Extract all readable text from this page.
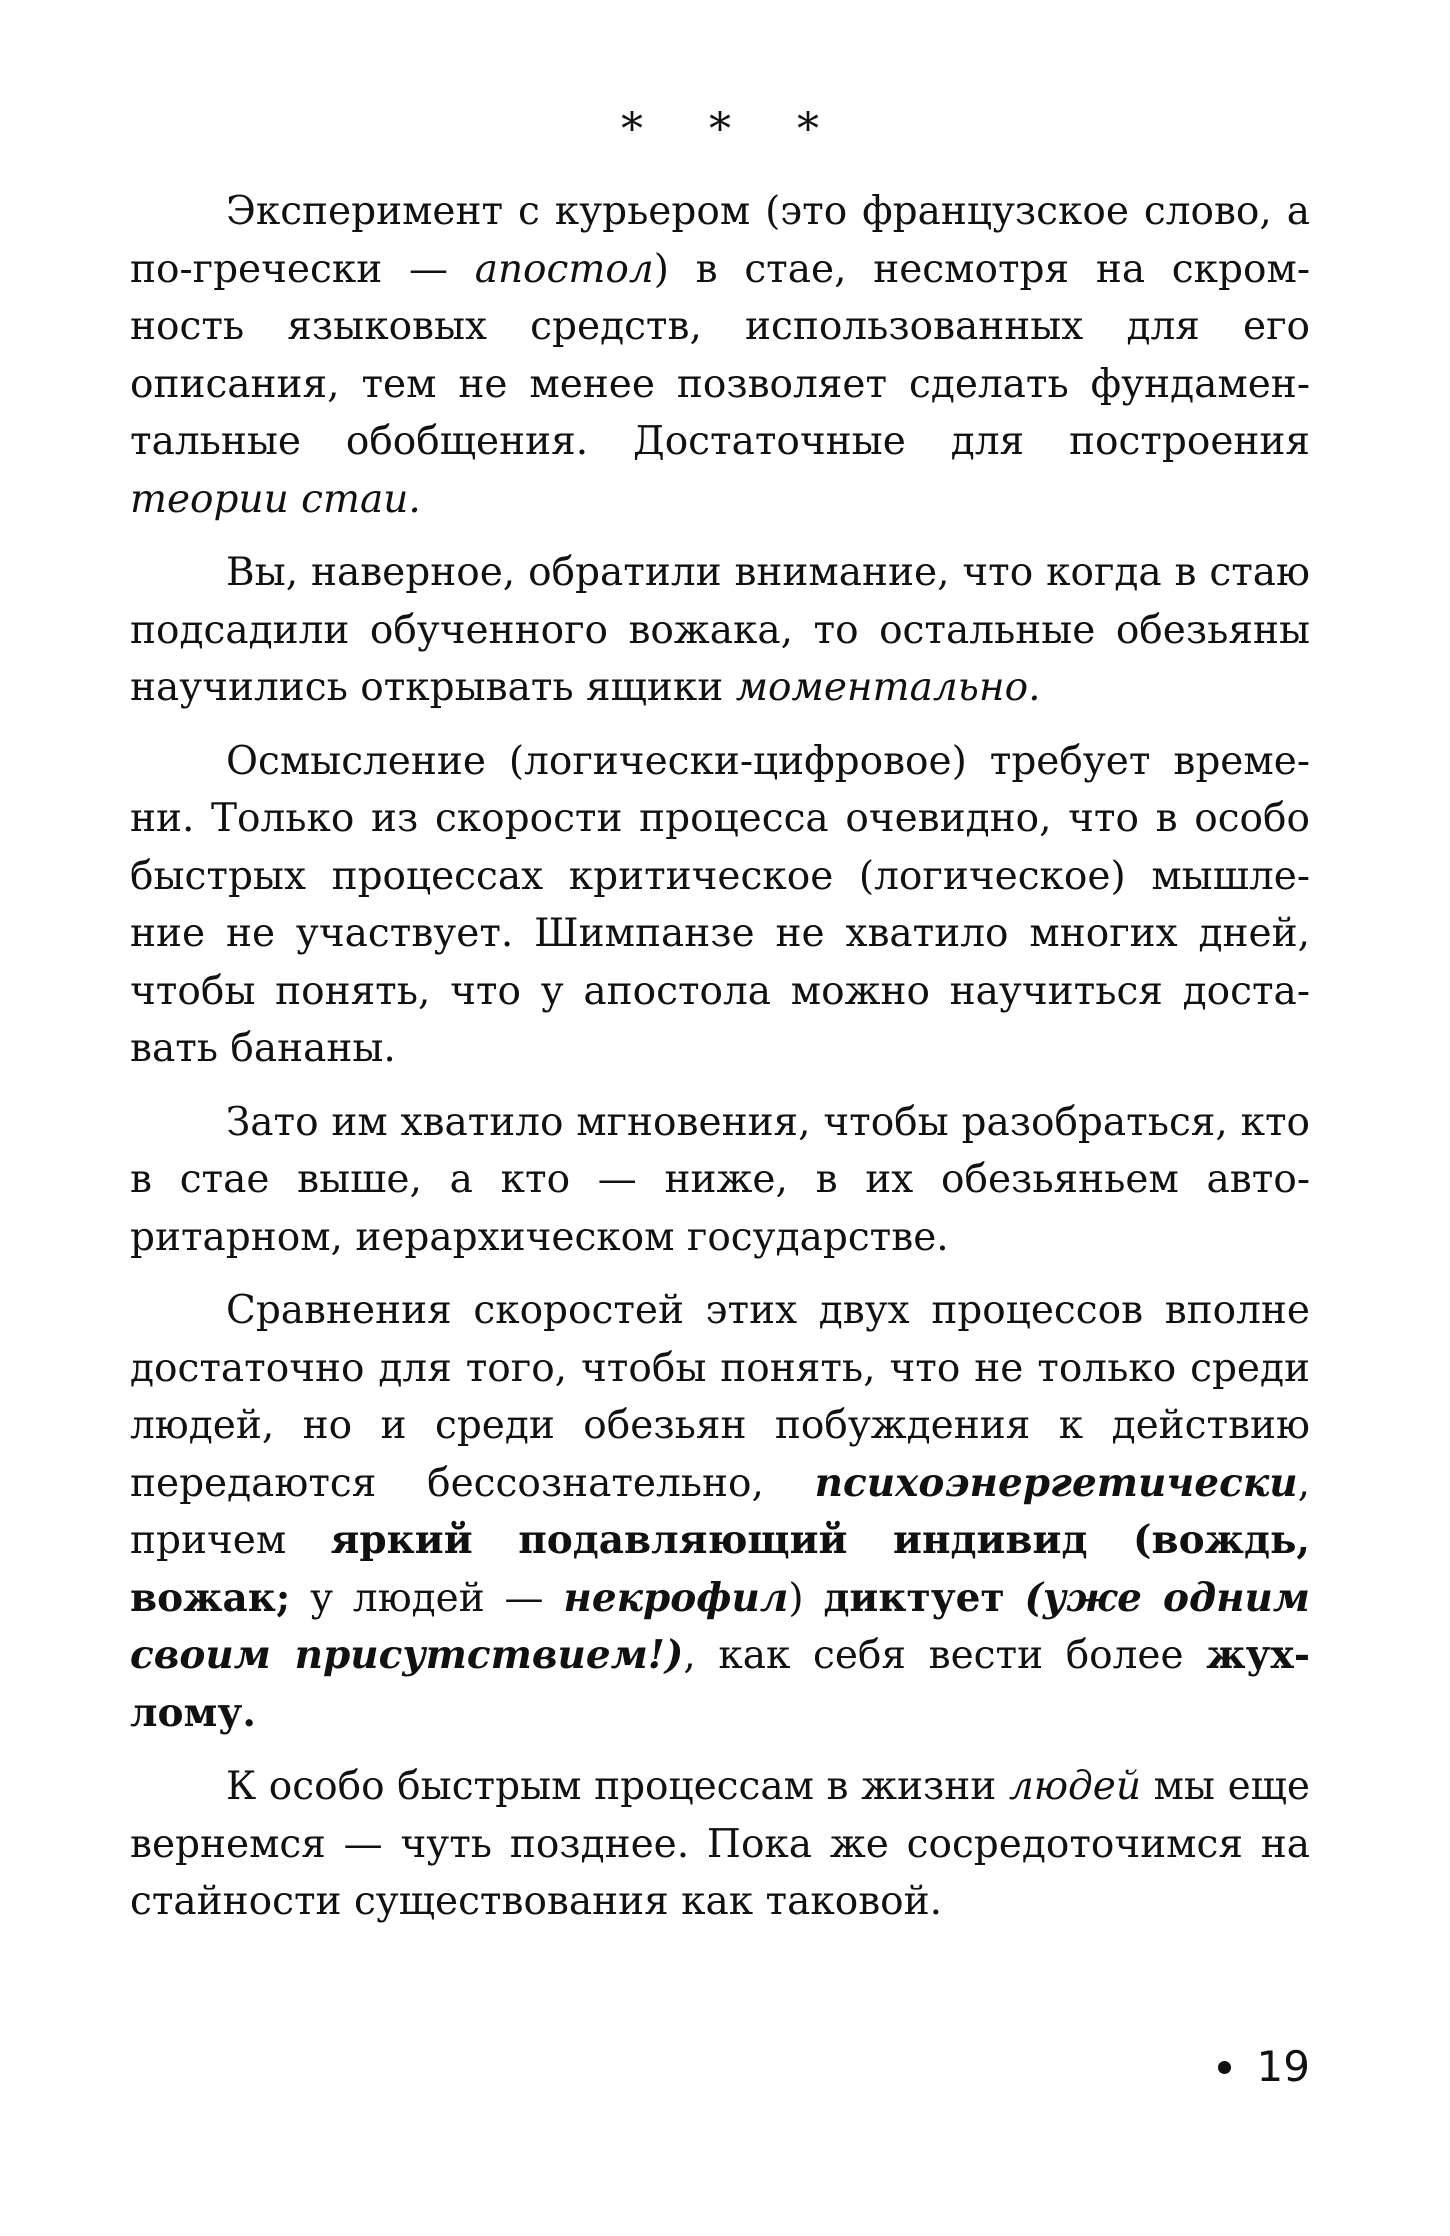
* * *

Эксперимент с курьером (это французское слово, а по-гречески — апостол) в стае, несмотря на скромность языковых средств, использованных для его описания, тем не менее позволяет сделать фундаментальные обобщения. Достаточные для построения теории стаи.

Вы, наверное, обратили внимание, что когда в стаю подсадили обученного вожака, то остальные обезьяны научились открывать ящики моментально.

Осмысление (логически-цифровое) требует времени. Только из скорости процесса очевидно, что в особо быстрых процессах критическое (логическое) мышление не участвует. Шимпанзе не хватило многих дней, чтобы понять, что у апостола можно научиться доставать бананы.

Зато им хватило мгновения, чтобы разобраться, кто в стае выше, а кто — ниже, в их обезьяньем авторитарном, иерархическом государстве.

Сравнения скоростей этих двух процессов вполне достаточно для того, чтобы понять, что не только среди людей, но и среди обезьян побуждения к действию передаются бессознательно, психоэнергетически, причем яркий подавляющий индивид (вождь, вожак; у людей — некрофил) диктует (уже одним своим присутствием!), как себя вести более жухлому.

К особо быстрым процессам в жизни людей мы еще вернемся — чуть позднее. Пока же сосредоточимся на стайности существования как таковой.

19
